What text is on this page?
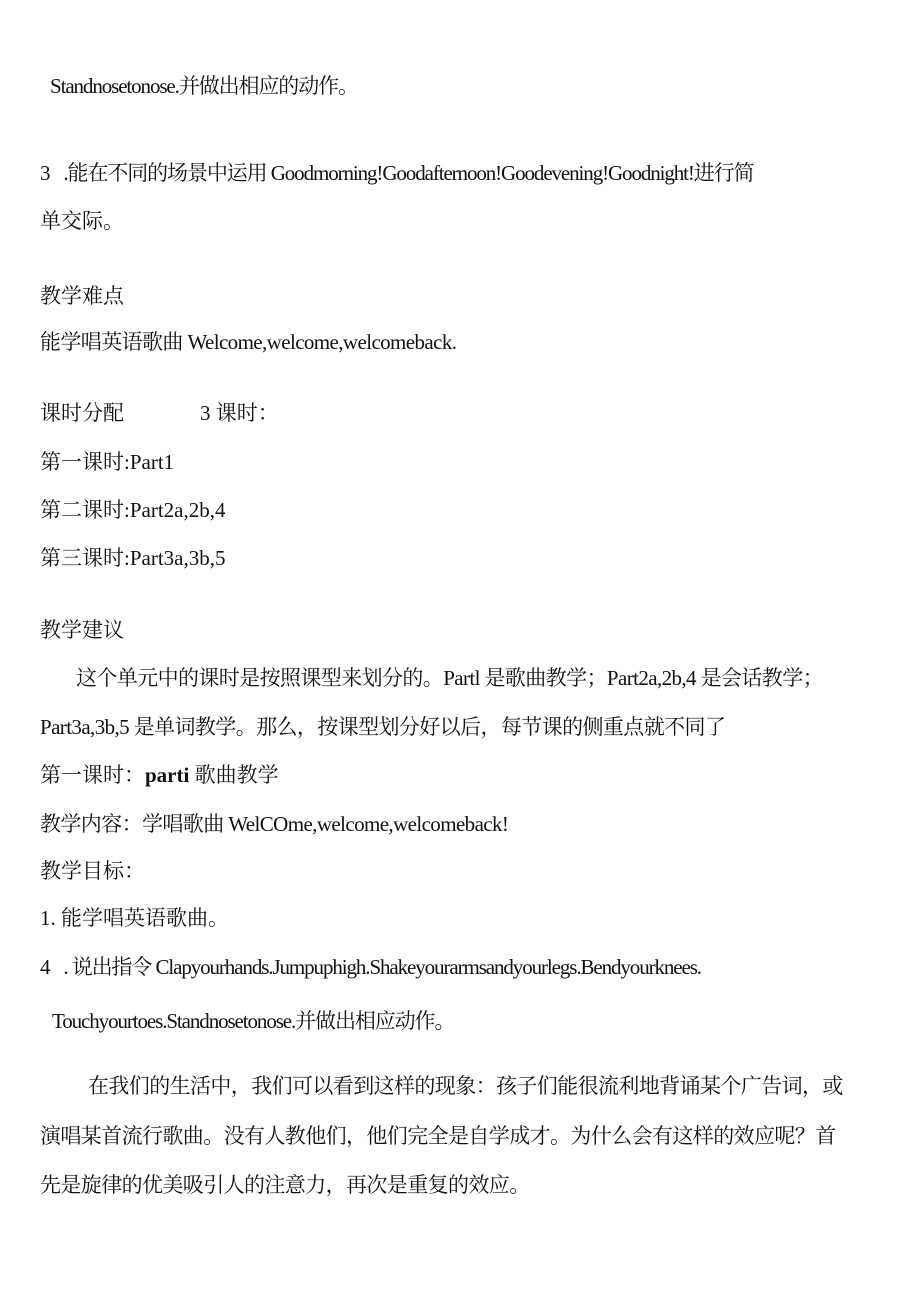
Standnosetonose.并做出相应的动作。
3 .能在不同的场景中运用 Goodmorning!Goodafternoon!Goodevening!Goodnight!进行简
单交际。
教学难点
能学唱英语歌曲 Welcome,welcome,welcomeback.
课时分配	3 课时：
第一课时:Part1
第二课时:Part2a,2b,4
第三课时:Part3a,3b,5
教学建议
这个单元中的课时是按照课型来划分的。Partl 是歌曲教学；Part2a,2b,4 是会话教学；
Part3a,3b,5 是单词教学。那么，按课型划分好以后，每节课的侧重点就不同了
第一课时：parti 歌曲教学
教学内容：学唱歌曲 WelCOme,welcome,welcomeback!
教学目标：
1. 能学唱英语歌曲。
4 . 说出指令 Clapyourhands.Jumpuphigh.Shakeyourarmsandyourlegs.Bendyourknees.
Touchyourtoes.Standnosetonose.并做出相应动作。
在我们的生活中，我们可以看到这样的现象：孩子们能很流利地背诵某个广告词，或
演唱某首流行歌曲。没有人教他们，他们完全是自学成才。为什么会有这样的效应呢？首
先是旋律的优美吸引人的注意力，再次是重复的效应。
